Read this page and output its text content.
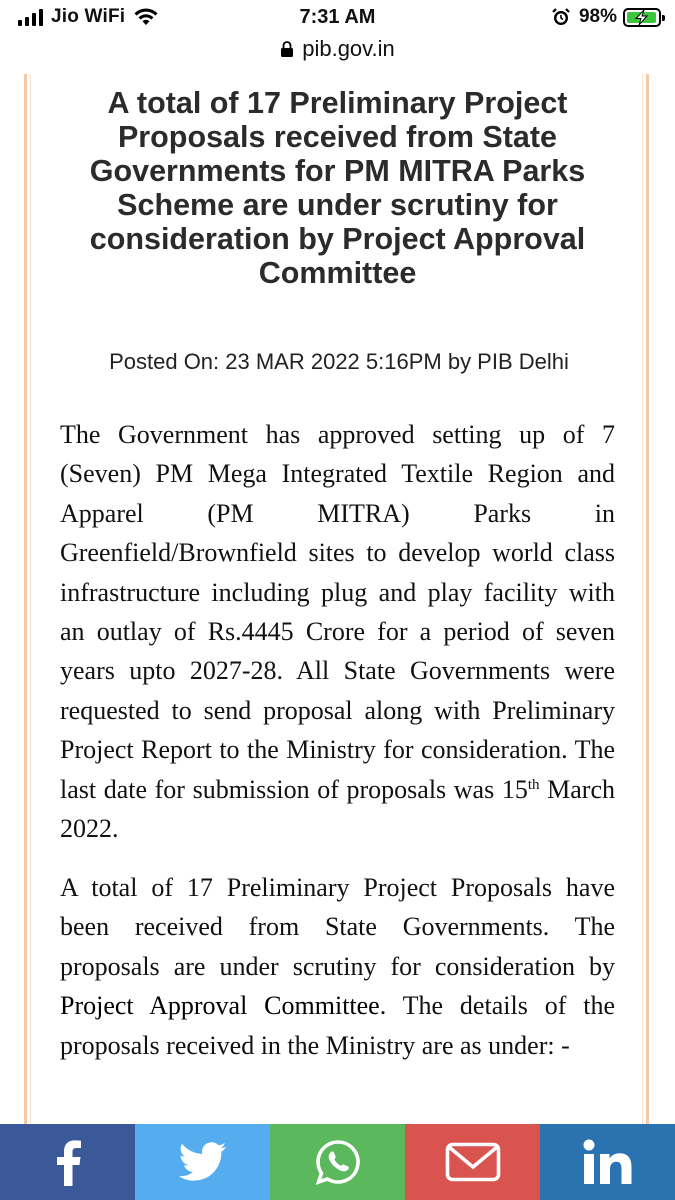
Jio WiFi	7:31 AM	98%
pib.gov.in
A total of 17 Preliminary Project Proposals received from State Governments for PM MITRA Parks Scheme are under scrutiny for consideration by Project Approval Committee
Posted On: 23 MAR 2022 5:16PM by PIB Delhi

The Government has approved setting up of 7 (Seven) PM Mega Integrated Textile Region and Apparel (PM MITRA) Parks in Greenfield/Brownfield sites to develop world class infrastructure including plug and play facility with an outlay of Rs.4445 Crore for a period of seven years upto 2027-28. All State Governments were requested to send proposal along with Preliminary Project Report to the Ministry for consideration. The last date for submission of proposals was 15th March 2022.

A total of 17 Preliminary Project Proposals have been received from State Governments. The proposals are under scrutiny for consideration by Project Approval Committee. The details of the proposals received in the Ministry are as under: -
